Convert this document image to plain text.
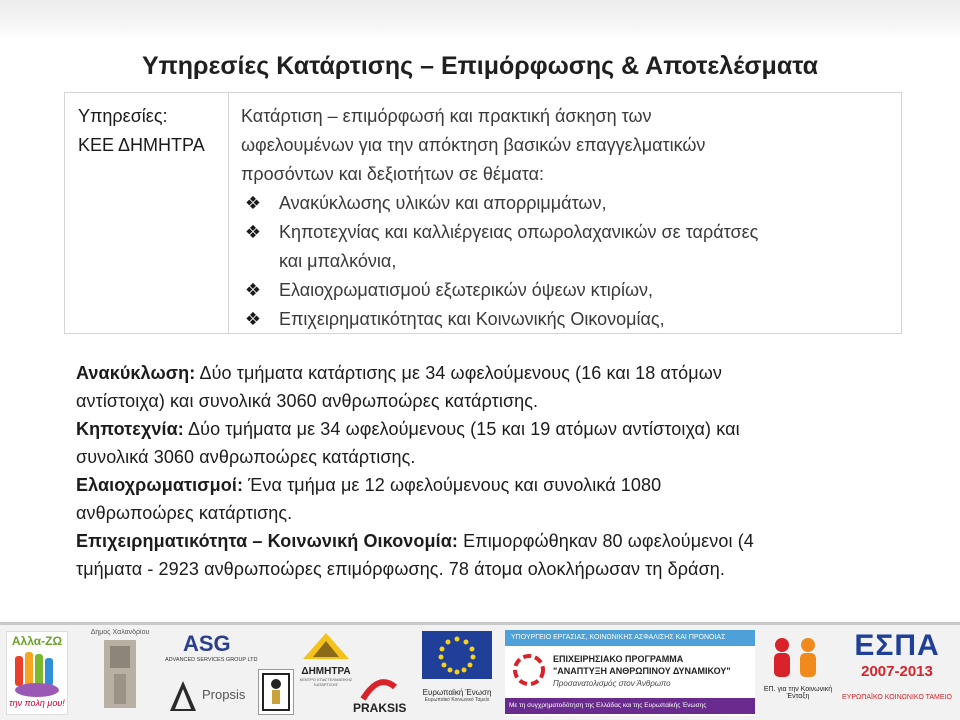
Υπηρεσίες Κατάρτισης – Επιμόρφωσης & Αποτελέσματα
Υπηρεσίες:
ΚΕΕ ΔΗΜΗΤΡΑ
Κατάρτιση – επιμόρφωσή και πρακτική άσκηση των
ωφελουμένων για την απόκτηση βασικών επαγγελματικών
προσόντων και δεξιοτήτων σε θέματα:
❖ Ανακύκλωσης υλικών και απορριμμάτων,
❖ Κηποτεχνίας και καλλιέργειας οπωρολαχανικών σε ταράτσες
και μπαλκόνια,
❖ Ελαιοχρωματισμού εξωτερικών όψεων κτιρίων,
❖ Επιχειρηματικότητας και Κοινωνικής Οικονομίας,

Ανακύκλωση: Δύο τμήματα κατάρτισης με 34 ωφελούμενους (16 και 18 ατόμων
αντίστοιχα) και συνολικά 3060 ανθρωποώρες κατάρτισης.

Κηποτεχνία: Δύο τμήματα με 34 ωφελούμενους (15 και 19 ατόμων αντίστοιχα) και
συνολικά 3060 ανθρωποώρες κατάρτισης.

Ελαιοχρωματισμοί: Ένα τμήμα με 12 ωφελούμενους και συνολικά 1080
ανθρωποώρες κατάρτισης.

Επιχειρηματικότητα – Κοινωνική Οικονομία: Επιμορφώθηκαν 80 ωφελούμενοι (4
τμήματα - 2923 ανθρωποώρες επιμόρφωσης. 78 άτομα ολοκλήρωσαν τη δράση.

Αλλα-ΖΩ
την πολη μου!
Δήμος Χαλανδρίου ASG
ADVANCED SERVICES GROUP LTD
Propsis
ΔΗΜΗΤΡΑ
ΚΕΝΤΡΟ ΕΠΑΓΓΕΛΜΑΤΙΚΗΣ ΚΑΤΑΡΤΙΣΗΣ
PRAKSIS
Ευρωπαϊκή Ένωση
Ευρωπαϊκό Κοινωνικό Ταμείο
ΥΠΟΥΡΓΕΙΟ ΕΡΓΑΣΙΑΣ, ΚΟΙΝΩΝΙΚΗΣ ΑΣΦΑΛΙΣΗΣ ΚΑΙ ΠΡΟΝΟΙΑΣ
ΕΠΙΧΕΙΡΗΣΙΑΚΟ ΠΡΟΓΡΑΜΜΑ
"ΑΝΑΠΤΥΞΗ ΑΝΘΡΩΠΙΝΟΥ ΔΥΝΑΜΙΚΟΥ"
Προσανατολισμός στον Άνθρωπο
Με τη συγχρηματοδότηση της Ελλάδας και της Ευρωπαϊκής Ένωσης
ΕΠ. για την Κοινωνική Ένταξη
ΕΣΠΑ
2007-2013
ΕΥΡΩΠΑΪΚΟ ΚΟΙΝΩΝΙΚΟ ΤΑΜΕΙΟ
